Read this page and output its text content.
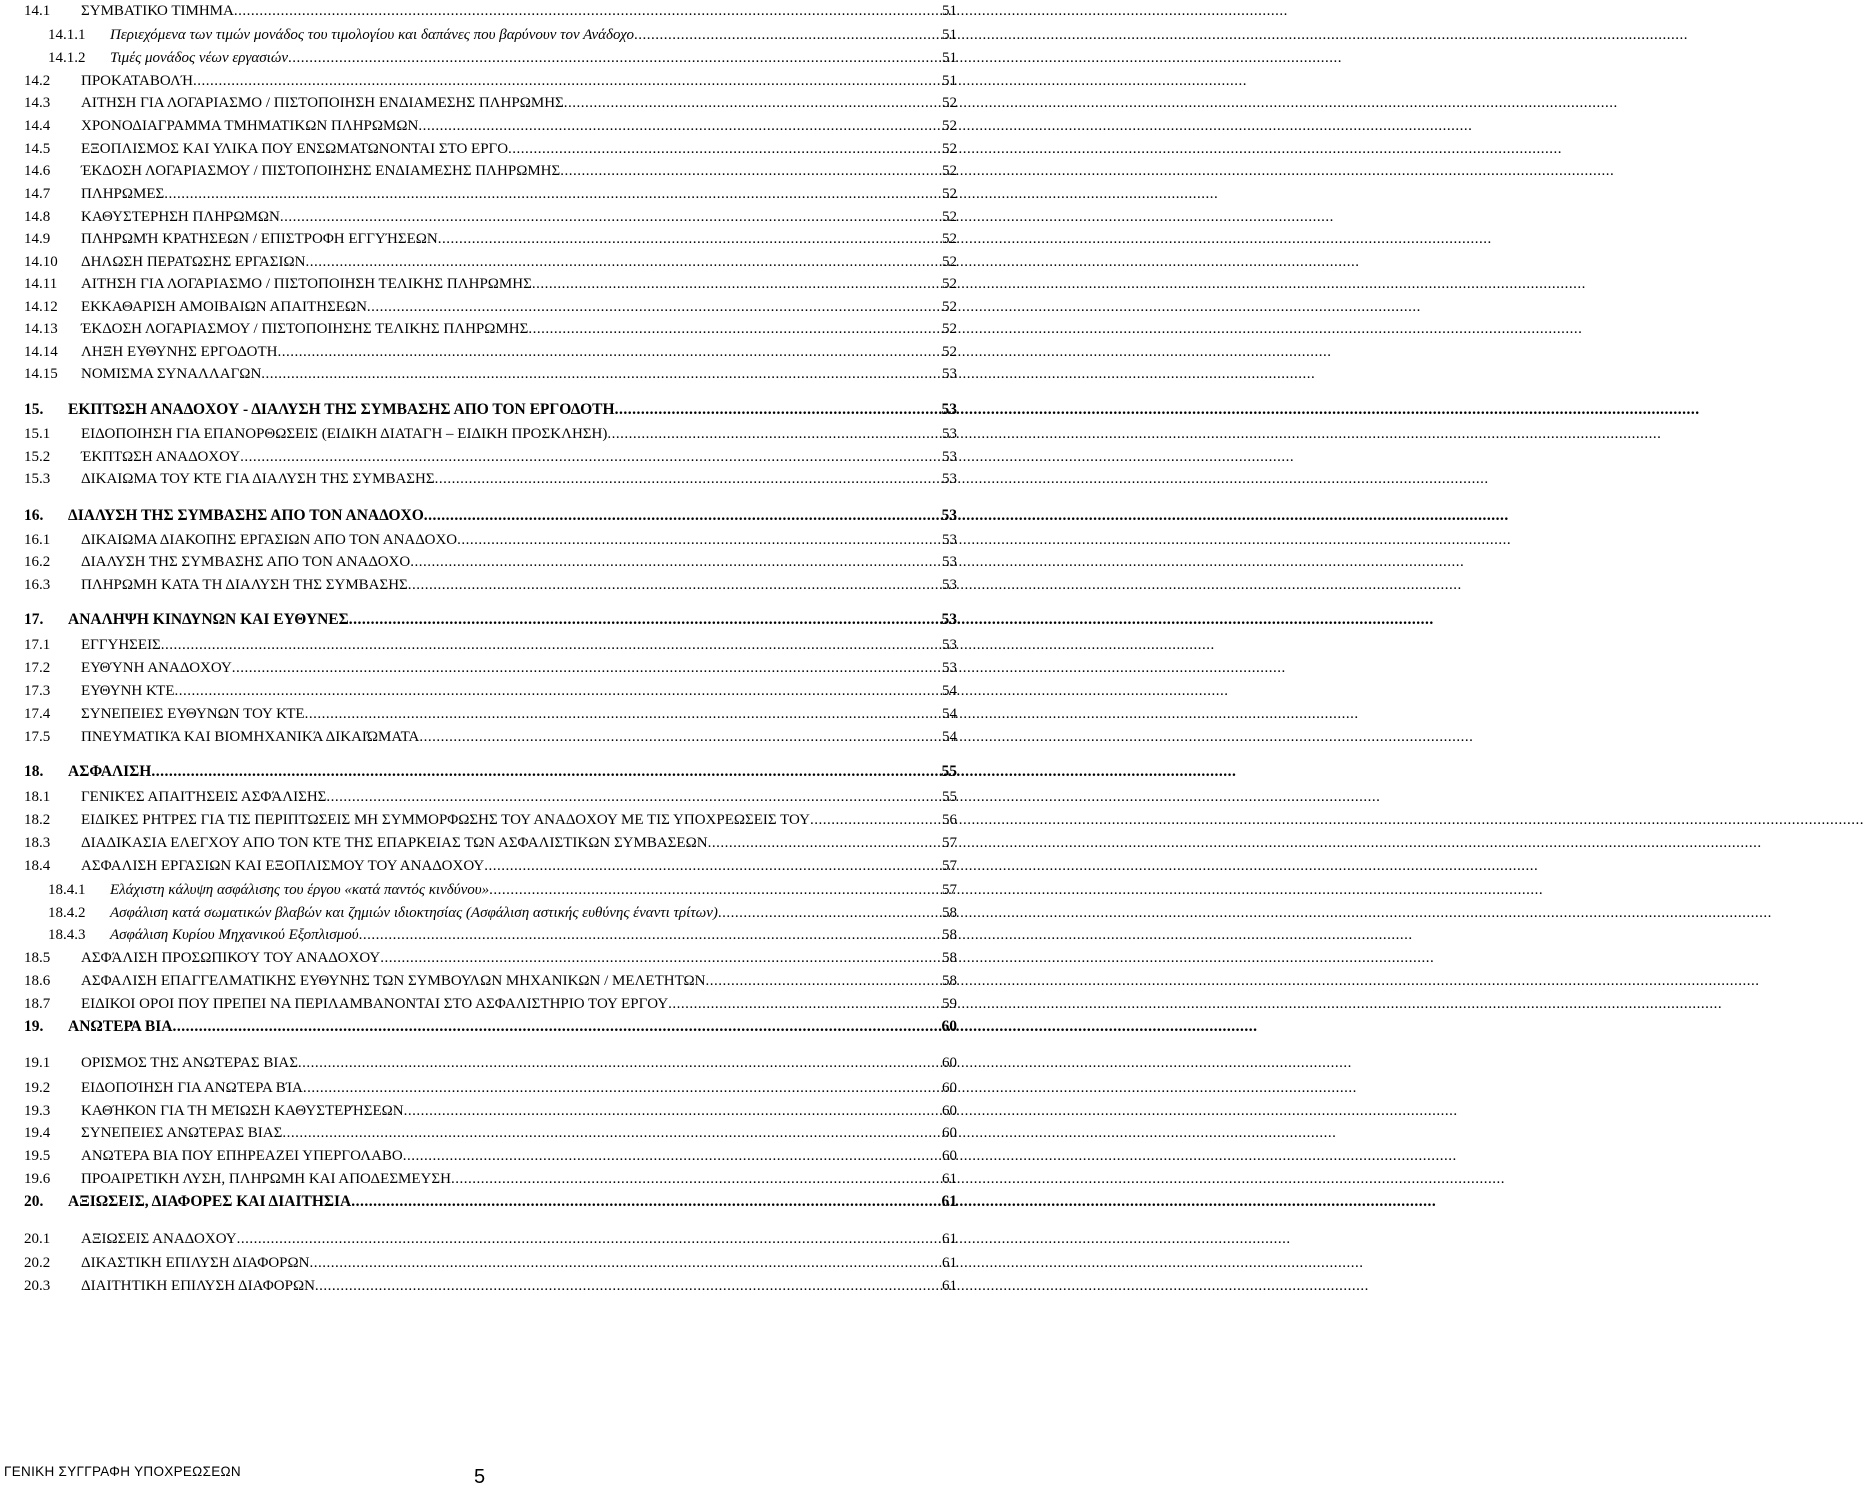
14.1	ΣΥΜΒΑΤΙΚΟ ΤΙΜΗΜΑ .....	51
14.1.1	Περιεχόμενα των τιμών μονάδος του τιμολογίου και δαπάνες που βαρύνουν τον Ανάδοχο .....	51
14.1.2	Τιμές μονάδος νέων εργασιών .....	51
14.2	ΠΡΟΚΑΤΑΒΟΛΉ .....	51
14.3	ΑΙΤΗΣΗ ΓΙΑ ΛΟΓΑΡΙΑΣΜΟ / ΠΙΣΤΟΠΟΙΗΣΗ ΕΝΔΙΑΜΕΣΗΣ ΠΛΗΡΩΜΗΣ .....	52
14.4	ΧΡΟΝΟΔΙΑΓΡΑΜΜΑ ΤΜΗΜΑΤΙΚΩΝ ΠΛΗΡΩΜΩΝ .....	52
14.5	ΕΞΟΠΛΙΣΜΟΣ ΚΑΙ ΥΛΙΚΑ ΠΟΥ ΕΝΣΩΜΑΤΩΝΟΝΤΑΙ ΣΤΟ ΕΡΓΟ .....	52
14.6	ΈΚΔΟΣΗ ΛΟΓΑΡΙΑΣΜΟΥ / ΠΙΣΤΟΠΟΙΗΣΗΣ ΕΝΔΙΑΜΕΣΗΣ ΠΛΗΡΩΜΗΣ .....	52
14.7	ΠΛΗΡΩΜΕΣ .....	52
14.8	ΚΑΘΥΣΤΕΡΗΣΗ ΠΛΗΡΩΜΩΝ .....	52
14.9	ΠΛΗΡΩΜΉ ΚΡΑΤΗΣΕΩΝ / ΕΠΙΣΤΡΟΦΗ ΕΓΓΥΉΣΕΩΝ .....	52
14.10	ΔΗΛΩΣΗ ΠΕΡΑΤΩΣΗΣ ΕΡΓΑΣΙΩΝ .....	52
14.11	ΑΙΤΗΣΗ ΓΙΑ ΛΟΓΑΡΙΑΣΜΟ / ΠΙΣΤΟΠΟΙΗΣΗ ΤΕΛΙΚΗΣ ΠΛΗΡΩΜΗΣ .....	52
14.12	ΕΚΚΑΘΑΡΙΣΗ ΑΜΟΙΒΑΙΩΝ ΑΠΑΙΤΗΣΕΩΝ .....	52
14.13	ΈΚΔΟΣΗ ΛΟΓΑΡΙΑΣΜΟΥ / ΠΙΣΤΟΠΟΙΗΣΗΣ ΤΕΛΙΚΗΣ ΠΛΗΡΩΜΗΣ .....	52
14.14	ΛΗΞΗ ΕΥΘΥΝΗΣ ΕΡΓΟΔΟΤΗ .....	52
14.15	ΝΟΜΙΣΜΑ ΣΥΝΑΛΛΑΓΩΝ .....	53
15.	ΕΚΠΤΩΣΗ ΑΝΑΔΟΧΟΥ - ΔΙΑΛΥΣΗ ΤΗΣ ΣΥΜΒΑΣΗΣ ΑΠΟ ΤΟΝ ΕΡΓΟΔΟΤΗ .....	53
15.1	ΕΙΔΟΠΟΙΗΣΗ ΓΙΑ ΕΠΑΝΟΡΘΩΣΕΙΣ (ΕΙΔΙΚΗ ΔΙΑΤΑΓΗ – ΕΙΔΙΚΗ ΠΡΟΣΚΛΗΣΗ) .....	53
15.2	ΈΚΠΤΩΣΗ ΑΝΑΔΟΧΟΥ .....	53
15.3	ΔΙΚΑΙΩΜΑ ΤΟΥ ΚΤΕ ΓΙΑ ΔΙΑΛΥΣΗ ΤΗΣ ΣΥΜΒΑΣΗΣ .....	53
16.	ΔΙΑΛΥΣΗ ΤΗΣ ΣΥΜΒΑΣΗΣ ΑΠΟ ΤΟΝ ΑΝΑΔΟΧΟ .....	53
16.1	ΔΙΚΑΙΩΜΑ ΔΙΑΚΟΠΗΣ ΕΡΓΑΣΙΩΝ ΑΠΟ ΤΟΝ ΑΝΑΔΟΧΟ .....	53
16.2	ΔΙΑΛΥΣΗ ΤΗΣ ΣΥΜΒΑΣΗΣ ΑΠΟ ΤΟΝ ΑΝΑΔΟΧΟ .....	53
16.3	ΠΛΗΡΩΜΗ ΚΑΤΑ ΤΗ ΔΙΑΛΥΣΗ ΤΗΣ ΣΥΜΒΑΣΗΣ .....	53
17.	ΑΝΑΛΗΨΗ ΚΙΝΔΥΝΩΝ ΚΑΙ ΕΥΘΥΝΕΣ .....	53
17.1	ΕΓΓΥΗΣΕΙΣ .....	53
17.2	ΕΥΘΎΝΗ ΑΝΑΔΟΧΟΥ .....	53
17.3	ΕΥΘΥΝΗ ΚΤΕ .....	54
17.4	ΣΥΝΕΠΕΙΕΣ ΕΥΘΥΝΩΝ ΤΟΥ ΚΤΕ .....	54
17.5	ΠΝΕΥΜΑΤΙΚΆ ΚΑΙ ΒΙΟΜΗΧΑΝΙΚΆ ΔΙΚΑΙΏΜΑΤΑ .....	54
18.	ΑΣΦΑΛΙΣΗ .....	55
18.1	ΓΕΝΙΚΈΣ ΑΠΑΙΤΉΣΕΙΣ ΑΣΦΆΛΙΣΗΣ .....	55
18.2	ΕΙΔΙΚΕΣ ΡΗΤΡΕΣ ΓΙΑ ΤΙΣ ΠΕΡΙΠΤΩΣΕΙΣ ΜΗ ΣΥΜΜΟΡΦΩΣΗΣ ΤΟΥ ΑΝΑΔΟΧΟΥ ΜΕ ΤΙΣ ΥΠΟΧΡΕΩΣΕΙΣ ΤΟΥ .....	56
18.3	ΔΙΑΔΙΚΑΣΙΑ ΕΛΕΓΧΟΥ ΑΠΟ ΤΟΝ ΚΤΕ ΤΗΣ ΕΠΑΡΚΕΙΑΣ ΤΩΝ ΑΣΦΑΛΙΣΤΙΚΩΝ ΣΥΜΒΑΣΕΩΝ .....	57
18.4	ΑΣΦΑΛΙΣΗ ΕΡΓΑΣΙΩΝ ΚΑΙ ΕΞΟΠΛΙΣΜΟΥ ΤΟΥ ΑΝΑΔΟΧΟΥ .....	57
18.4.1	Ελάχιστη κάλυψη ασφάλισης του έργου «κατά παντός κινδύνου» .....	57
18.4.2	Ασφάλιση κατά σωματικών βλαβών και ζημιών ιδιοκτησίας (Ασφάλιση αστικής ευθύνης έναντι τρίτων) .....	58
18.4.3	Ασφάλιση Κυρίου Μηχανικού Εξοπλισμού .....	58
18.5	ΑΣΦΆΛΙΣΗ ΠΡΟΣΩΠΙΚΟΎ ΤΟΥ ΑΝΑΔΟΧΟΥ .....	58
18.6	ΑΣΦΑΛΙΣΗ ΕΠΑΓΓΕΛΜΑΤΙΚΗΣ ΕΥΘΥΝΗΣ ΤΩΝ ΣΥΜΒΟΥΛΩΝ ΜΗΧΑΝΙΚΩΝ / ΜΕΛΕΤΗΤΩΝ .....	58
18.7	ΕΙΔΙΚΟΙ ΟΡΟΙ ΠΟΥ ΠΡΕΠΕΙ ΝΑ ΠΕΡΙΛΑΜΒΑΝΟΝΤΑΙ ΣΤΟ ΑΣΦΑΛΙΣΤΗΡΙΟ ΤΟΥ ΕΡΓΟΥ .....	59
19.	ΑΝΩΤΕΡΑ ΒΙΑ .....	60
19.1	ΟΡΙΣΜΟΣ ΤΗΣ ΑΝΩΤΕΡΑΣ ΒΙΑΣ .....	60
19.2	ΕΙΔΟΠΟΊΗΣΗ ΓΙΑ ΑΝΩΤΕΡΑ ΒΊΑ .....	60
19.3	ΚΑΘΉΚΟΝ ΓΙΑ ΤΗ ΜΕΊΩΣΗ ΚΑΘΥΣΤΕΡΉΣΕΩΝ .....	60
19.4	ΣΥΝΕΠΕΙΕΣ ΑΝΩΤΕΡΑΣ ΒΙΑΣ .....	60
19.5	ΑΝΩΤΕΡΑ ΒΙΑ ΠΟΥ ΕΠΗΡΕΑΖΕΙ ΥΠΕΡΓΟΛΑΒΟ .....	60
19.6	ΠΡΟΑΙΡΕΤΙΚΗ ΛΥΣΗ, ΠΛΗΡΩΜΗ ΚΑΙ ΑΠΟΔΕΣΜΕΥΣΗ .....	61
20.	ΑΞΙΩΣΕΙΣ, ΔΙΑΦΟΡΕΣ ΚΑΙ ΔΙΑΙΤΗΣΙΑ .....	61
20.1	ΑΞΙΩΣΕΙΣ ΑΝΑΔΟΧΟΥ .....	61
20.2	ΔΙΚΑΣΤΙΚΗ ΕΠΙΛΥΣΗ ΔΙΑΦΟΡΩΝ .....	61
20.3	ΔΙΑΙΤΗΤΙΚΗ ΕΠΙΛΥΣΗ ΔΙΑΦΟΡΩΝ .....	61
ΓΕΝΙΚΗ ΣΥΓΓΡΑΦΗ ΥΠΟΧΡΕΩΣΕΩΝ	5
